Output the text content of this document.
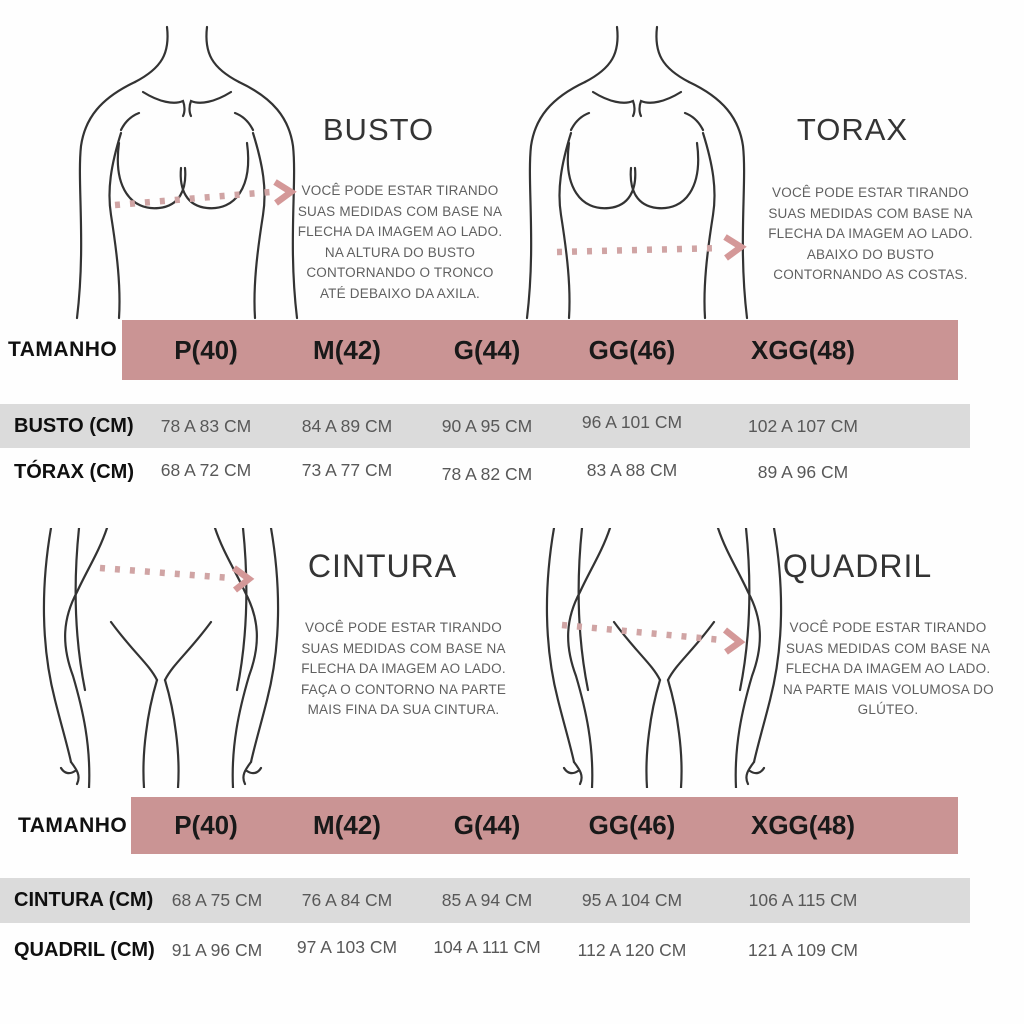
BUSTO
VOCÊ PODE ESTAR TIRANDO
SUAS MEDIDAS COM BASE NA
FLECHA DA IMAGEM AO LADO.
NA ALTURA DO BUSTO
CONTORNANDO O TRONCO
ATÉ DEBAIXO DA AXILA.
TORAX
VOCÊ PODE ESTAR TIRANDO
SUAS MEDIDAS COM BASE NA
FLECHA DA IMAGEM AO LADO.
ABAIXO DO BUSTO
CONTORNANDO AS COSTAS.
TAMANHO	P(40)	M(42)	G(44)	GG(46)	XGG(48)
BUSTO (CM)	78 A 83 CM	84 A 89 CM	90 A 95 CM	96 A 101 CM	102 A 107 CM
TÓRAX (CM)	68 A 72 CM	73 A 77 CM	78 A 82 CM	83 A 88 CM	89 A 96 CM
CINTURA
VOCÊ PODE ESTAR TIRANDO
SUAS MEDIDAS COM BASE NA
FLECHA DA IMAGEM AO LADO.
FAÇA O CONTORNO NA PARTE
MAIS FINA DA SUA CINTURA.
QUADRIL
VOCÊ PODE ESTAR TIRANDO
SUAS MEDIDAS COM BASE NA
FLECHA DA IMAGEM AO LADO.
NA PARTE MAIS VOLUMOSA DO
GLÚTEO.
TAMANHO	P(40)	M(42)	G(44)	GG(46)	XGG(48)
CINTURA (CM)	68 A 75 CM	76 A 84 CM	85 A 94 CM	95 A 104 CM	106 A 115 CM
QUADRIL (CM) 91 A 96 CM	97 A 103 CM	104 A 111 CM	112 A 120 CM	121 A 109 CM
